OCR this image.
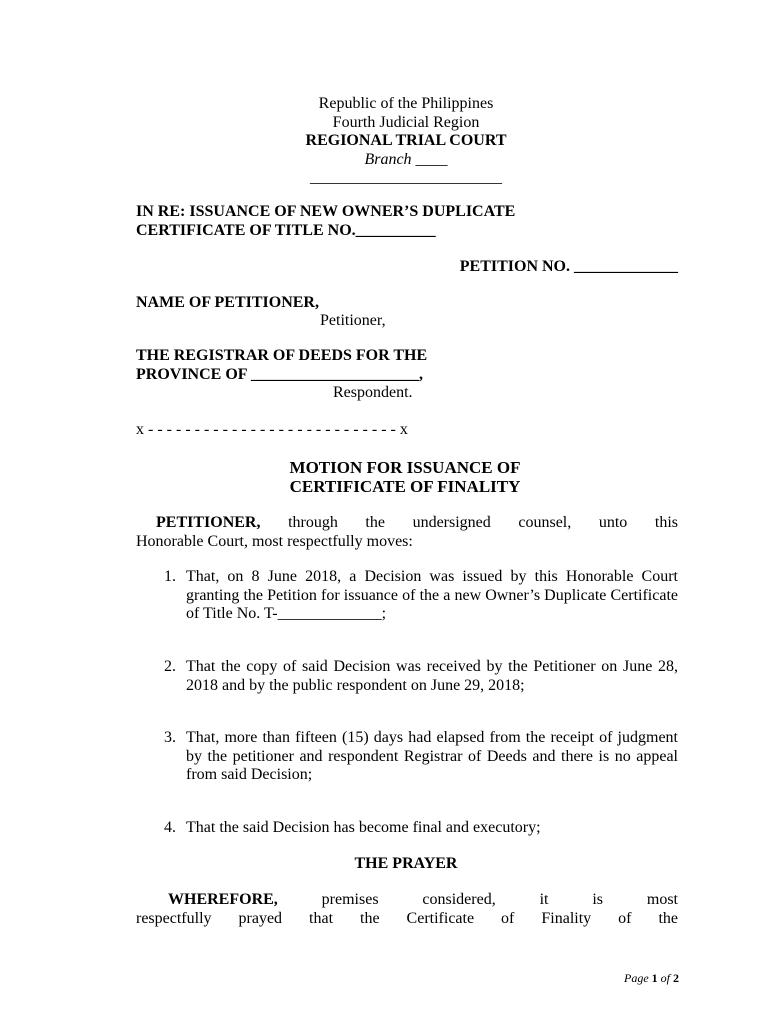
Republic of the Philippines
Fourth Judicial Region
REGIONAL TRIAL COURT
Branch ____
________________________
IN RE: ISSUANCE OF NEW OWNER’S DUPLICATE
CERTIFICATE OF TITLE NO.__________
PETITION NO. _____________
NAME OF PETITIONER,
Petitioner,
THE REGISTRAR OF DEEDS FOR THE
PROVINCE OF _____________________,
Respondent.
x - - - - - - - - - - - - - - - - - - - - - - - - - - - x
MOTION FOR ISSUANCE OF
CERTIFICATE OF FINALITY
PETITIONER, through the undersigned counsel, unto this
Honorable Court, most respectfully moves:
1. That, on 8 June 2018, a Decision was issued by this Honorable Court granting the Petition for issuance of the a new Owner’s Duplicate Certificate of Title No. T-_____________;
2. That the copy of said Decision was received by the Petitioner on June 28, 2018 and by the public respondent on June 29, 2018;
3. That, more than fifteen (15) days had elapsed from the receipt of judgment by the petitioner and respondent Registrar of Deeds and there is no appeal from said Decision;
4. That the said Decision has become final and executory;
THE PRAYER
WHEREFORE, premises considered, it is most
respectfully prayed that the Certificate of Finality of the
Page 1 of 2
